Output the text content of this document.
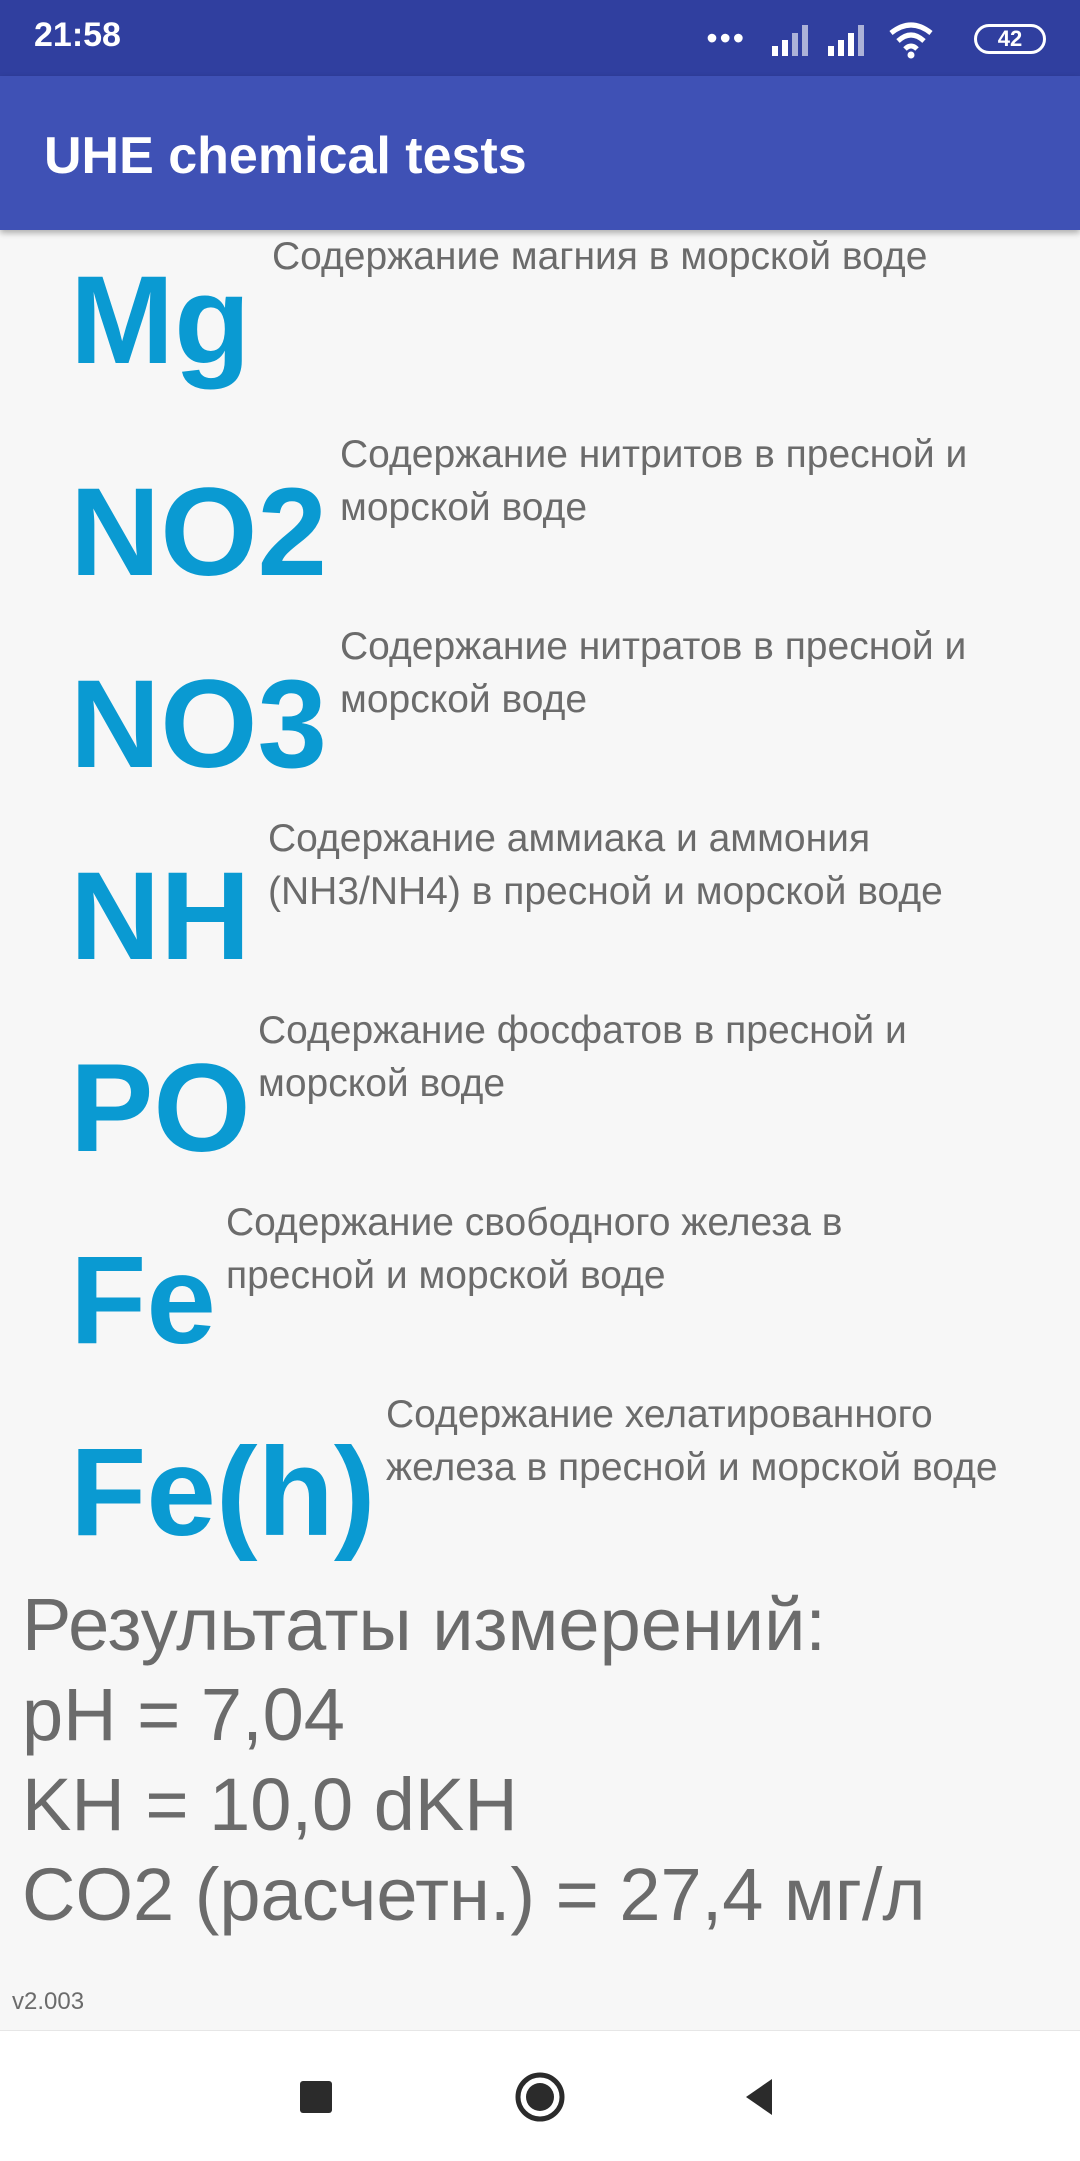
21:58	•••	42
UHE chemical tests
Mg Содержание магния в морской воде
NO2
Содержание нитритов в пресной и морской воде
NO3
Содержание нитратов в пресной и морской воде
NH
Содержание аммиака и аммония (NH3/NH4) в пресной и морской воде
PO
Содержание фосфатов в пресной и морской воде
Fe
Содержание свободного железа в пресной и морской воде
Fe(h)
Содержание хелатированного железа в пресной и морской воде
Результаты измерений:
pH = 7,04
KH = 10,0 dKH
CO2 (расчетн.) = 27,4 мг/л
v2.003
